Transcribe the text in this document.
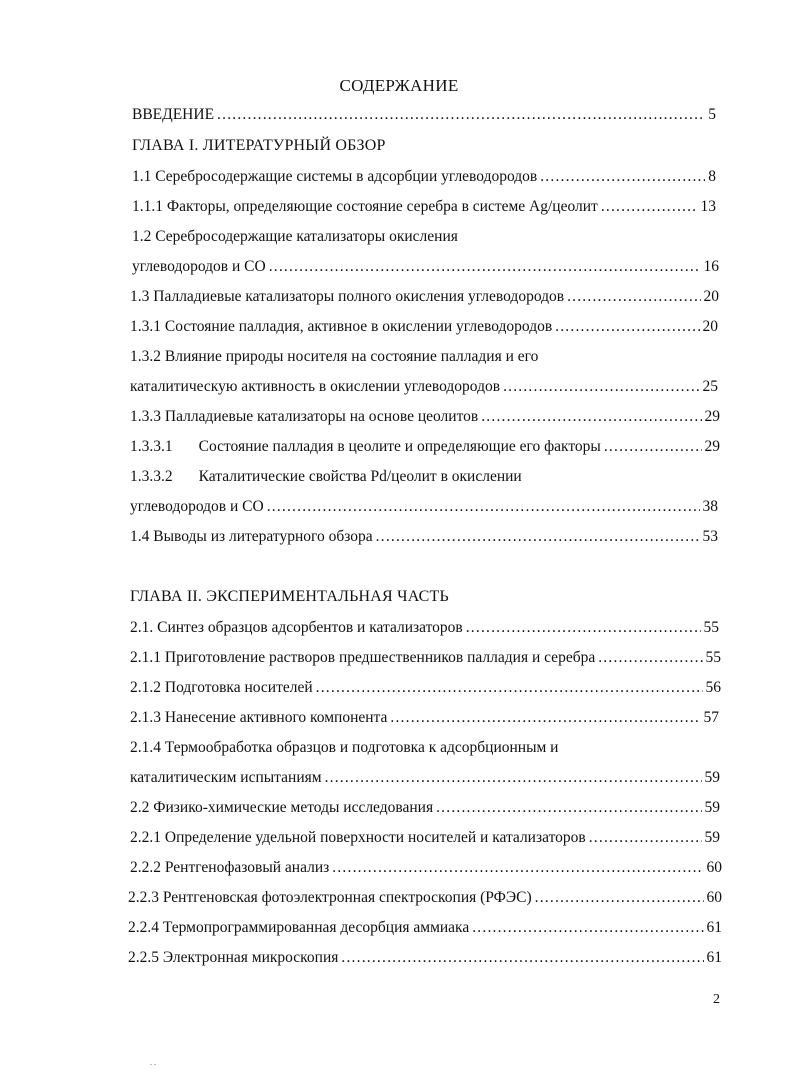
СОДЕРЖАНИЕ
ВВЕДЕНИЕ .....	5
ГЛАВА I. ЛИТЕРАТУРНЫЙ ОБЗОР
1.1 Серебросодержащие системы в адсорбции углеводородов .....	8
1.1.1 Факторы, определяющие состояние серебра в системе Ag/цеолит .....	13
1.2 Серебросодержащие катализаторы окисления
углеводородов и СО .....	16
1.3 Палладиевые катализаторы полного окисления углеводородов .....	20
1.3.1 Состояние палладия, активное в окислении углеводородов .....	20
1.3.2 Влияние природы носителя на состояние палладия и его
каталитическую активность в окислении углеводородов .....	25
1.3.3 Палладиевые катализаторы на основе цеолитов .....	29
1.3.3.1	Состояние палладия в цеолите и определяющие его факторы .....	29
1.3.3.2	Каталитические свойства Pd/цеолит в окислении
углеводородов и СО .....	38
1.4 Выводы из литературного обзора .....	53
ГЛАВА II. ЭКСПЕРИМЕНТАЛЬНАЯ ЧАСТЬ
2.1. Синтез образцов адсорбентов и катализаторов .....	55
2.1.1 Приготовление растворов предшественников палладия и серебра .....	55
2.1.2 Подготовка носителей .....	56
2.1.3 Нанесение активного компонента .....	57
2.1.4 Термообработка образцов и подготовка к адсорбционным и
каталитическим испытаниям .....	59
2.2 Физико-химические методы исследования .....	59
2.2.1 Определение удельной поверхности носителей и катализаторов .....	59
2.2.2 Рентгенофазовый анализ .....	60
2.2.3 Рентгеновская фотоэлектронная спектроскопия (РФЭС) .....	60
2.2.4 Термопрограммированная десорбция аммиака .....	61
2.2.5 Электронная микроскопия .....	61
2
. .
